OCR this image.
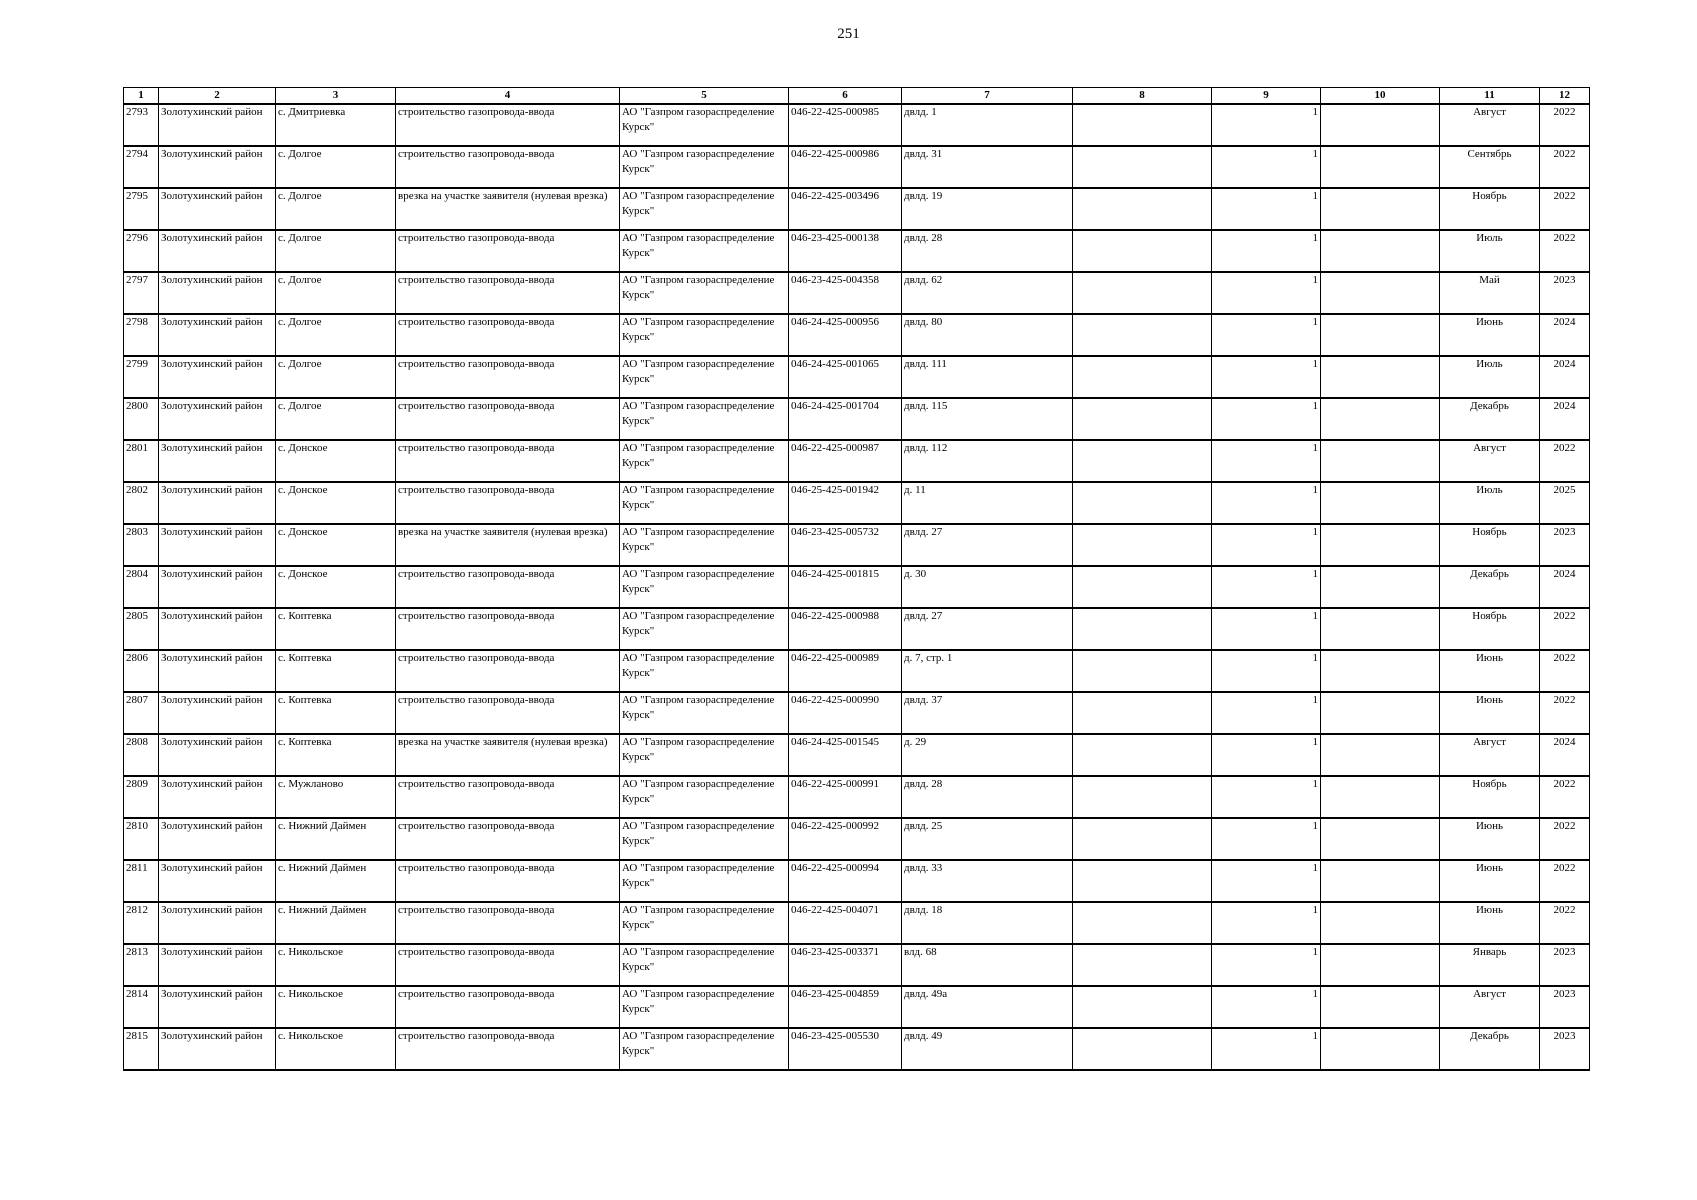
251
1	2	3	4	5	6	7	8	9	10	11	12
2793	Золотухинский район	с. Дмитриевка	строительство газопровода-ввода	АО "Газпром газораспределение Курск"	046-22-425-000985	двлд. 1		1		Август	2022
2794	Золотухинский район	с. Долгое	строительство газопровода-ввода	АО "Газпром газораспределение Курск"	046-22-425-000986	двлд. 31		1		Сентябрь	2022
2795	Золотухинский район	с. Долгое	врезка на участке заявителя (нулевая врезка)	АО "Газпром газораспределение Курск"	046-22-425-003496	двлд. 19		1		Ноябрь	2022
2796	Золотухинский район	с. Долгое	строительство газопровода-ввода	АО "Газпром газораспределение Курск"	046-23-425-000138	двлд. 28		1		Июль	2022
2797	Золотухинский район	с. Долгое	строительство газопровода-ввода	АО "Газпром газораспределение Курск"	046-23-425-004358	двлд. 62		1		Май	2023
2798	Золотухинский район	с. Долгое	строительство газопровода-ввода	АО "Газпром газораспределение Курск"	046-24-425-000956	двлд. 80		1		Июнь	2024
2799	Золотухинский район	с. Долгое	строительство газопровода-ввода	АО "Газпром газораспределение Курск"	046-24-425-001065	двлд. 111		1		Июль	2024
2800	Золотухинский район	с. Долгое	строительство газопровода-ввода	АО "Газпром газораспределение Курск"	046-24-425-001704	двлд. 115		1		Декабрь	2024
2801	Золотухинский район	с. Донское	строительство газопровода-ввода	АО "Газпром газораспределение Курск"	046-22-425-000987	двлд. 112		1		Август	2022
2802	Золотухинский район	с. Донское	строительство газопровода-ввода	АО "Газпром газораспределение Курск"	046-25-425-001942	д. 11		1		Июль	2025
2803	Золотухинский район	с. Донское	врезка на участке заявителя (нулевая врезка)	АО "Газпром газораспределение Курск"	046-23-425-005732	двлд. 27		1		Ноябрь	2023
2804	Золотухинский район	с. Донское	строительство газопровода-ввода	АО "Газпром газораспределение Курск"	046-24-425-001815	д. 30		1		Декабрь	2024
2805	Золотухинский район	с. Коптевка	строительство газопровода-ввода	АО "Газпром газораспределение Курск"	046-22-425-000988	двлд. 27		1		Ноябрь	2022
2806	Золотухинский район	с. Коптевка	строительство газопровода-ввода	АО "Газпром газораспределение Курск"	046-22-425-000989	д. 7, стр. 1		1		Июнь	2022
2807	Золотухинский район	с. Коптевка	строительство газопровода-ввода	АО "Газпром газораспределение Курск"	046-22-425-000990	двлд. 37		1		Июнь	2022
2808	Золотухинский район	с. Коптевка	врезка на участке заявителя (нулевая врезка)	АО "Газпром газораспределение Курск"	046-24-425-001545	д. 29		1		Август	2024
2809	Золотухинский район	с. Мужланово	строительство газопровода-ввода	АО "Газпром газораспределение Курск"	046-22-425-000991	двлд. 28		1		Ноябрь	2022
2810	Золотухинский район	с. Нижний Даймен	строительство газопровода-ввода	АО "Газпром газораспределение Курск"	046-22-425-000992	двлд. 25		1		Июнь	2022
2811	Золотухинский район	с. Нижний Даймен	строительство газопровода-ввода	АО "Газпром газораспределение Курск"	046-22-425-000994	двлд. 33		1		Июнь	2022
2812	Золотухинский район	с. Нижний Даймен	строительство газопровода-ввода	АО "Газпром газораспределение Курск"	046-22-425-004071	двлд. 18		1		Июнь	2022
2813	Золотухинский район	с. Никольское	строительство газопровода-ввода	АО "Газпром газораспределение Курск"	046-23-425-003371	влд. 68		1		Январь	2023
2814	Золотухинский район	с. Никольское	строительство газопровода-ввода	АО "Газпром газораспределение Курск"	046-23-425-004859	двлд. 49а		1		Август	2023
2815	Золотухинский район	с. Никольское	строительство газопровода-ввода	АО "Газпром газораспределение Курск"	046-23-425-005530	двлд. 49		1		Декабрь	2023
